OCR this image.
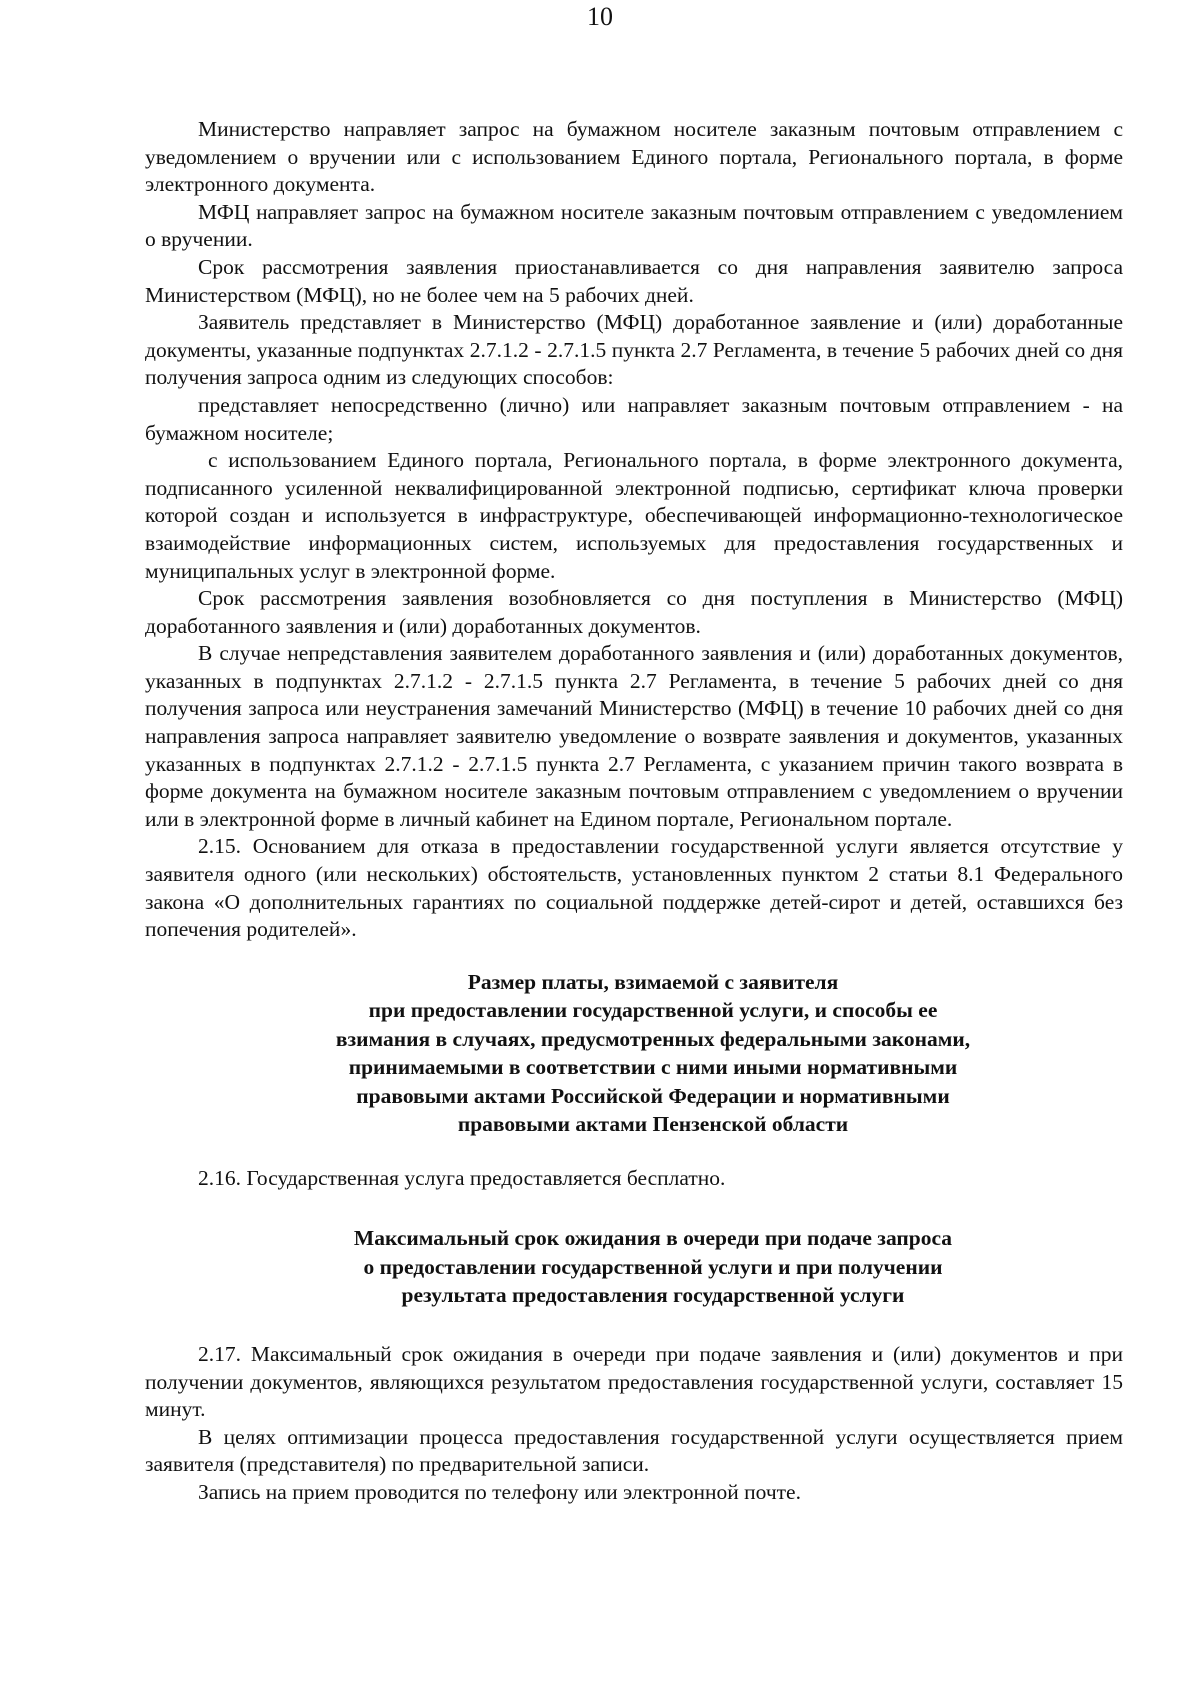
10

Министерство направляет запрос на бумажном носителе заказным почтовым отправлением с уведомлением о вручении или с использованием Единого портала, Регионального портала, в форме электронного документа.

МФЦ направляет запрос на бумажном носителе заказным почтовым отправлением с уведомлением о вручении.

Срок рассмотрения заявления приостанавливается со дня направления заявителю запроса Министерством (МФЦ), но не более чем на 5 рабочих дней.

Заявитель представляет в Министерство (МФЦ) доработанное заявление и (или) доработанные документы, указанные подпунктах 2.7.1.2 - 2.7.1.5 пункта 2.7 Регламента, в течение 5 рабочих дней со дня получения запроса одним из следующих способов:

представляет непосредственно (лично) или направляет заказным почтовым отправлением - на бумажном носителе;

с использованием Единого портала, Регионального портала, в форме электронного документа, подписанного усиленной неквалифицированной электронной подписью, сертификат ключа проверки которой создан и используется в инфраструктуре, обеспечивающей информационно-технологическое взаимодействие информационных систем, используемых для предоставления государственных и муниципальных услуг в электронной форме.

Срок рассмотрения заявления возобновляется со дня поступления в Министерство (МФЦ) доработанного заявления и (или) доработанных документов.

В случае непредставления заявителем доработанного заявления и (или) доработанных документов, указанных в подпунктах 2.7.1.2 - 2.7.1.5 пункта 2.7 Регламента, в течение 5 рабочих дней со дня получения запроса или неустранения замечаний Министерство (МФЦ) в течение 10 рабочих дней со дня направления запроса направляет заявителю уведомление о возврате заявления и документов, указанных указанных в подпунктах 2.7.1.2 - 2.7.1.5 пункта 2.7 Регламента, с указанием причин такого возврата в форме документа на бумажном носителе заказным почтовым отправлением с уведомлением о вручении или в электронной форме в личный кабинет на Едином портале, Региональном портале.

2.15. Основанием для отказа в предоставлении государственной услуги является отсутствие у заявителя одного (или нескольких) обстоятельств, установленных пунктом 2 статьи 8.1 Федерального закона «О дополнительных гарантиях по социальной поддержке детей-сирот и детей, оставшихся без попечения родителей».

Размер платы, взимаемой с заявителя
при предоставлении государственной услуги, и способы ее
взимания в случаях, предусмотренных федеральными законами,
принимаемыми в соответствии с ними иными нормативными
правовыми актами Российской Федерации и нормативными
правовыми актами Пензенской области

2.16. Государственная услуга предоставляется бесплатно.

Максимальный срок ожидания в очереди при подаче запроса
о предоставлении государственной услуги и при получении
результата предоставления государственной услуги

2.17. Максимальный срок ожидания в очереди при подаче заявления и (или) документов и при получении документов, являющихся результатом предоставления государственной услуги, составляет 15 минут.

В целях оптимизации процесса предоставления государственной услуги осуществляется прием заявителя (представителя) по предварительной записи.

Запись на прием проводится по телефону или электронной почте.
